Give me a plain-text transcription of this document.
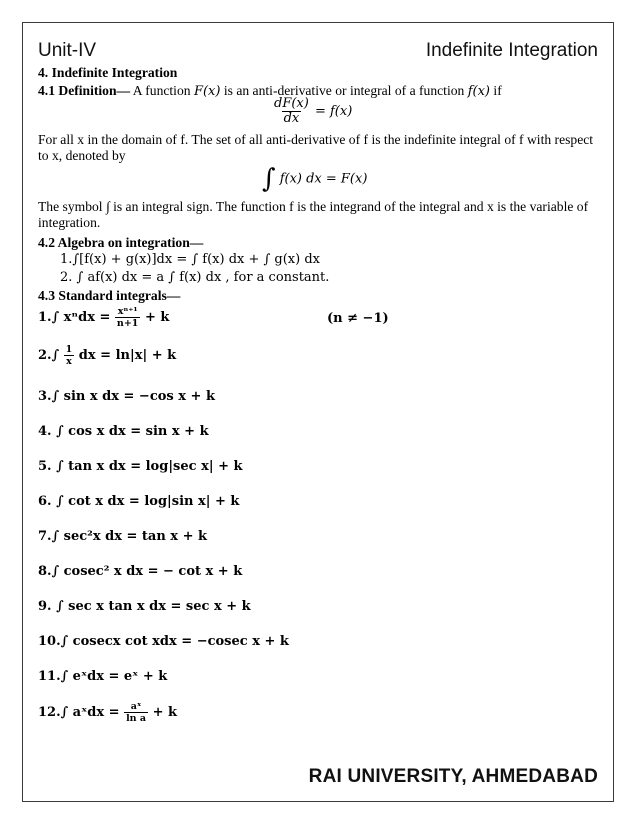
Unit-IV	Indefinite Integration
4. Indefinite Integration
4.1 Definition— A function F(x) is an anti-derivative or integral of a function f(x) if
$\frac{dF(x)}{dx} = f(x)$
For all x in the domain of f. The set of all anti-derivative of f is the indefinite integral of f with respect to x, denoted by
∫ f(x) dx = F(x)
The symbol ∫ is an integral sign. The function f is the integrand of the integral and x is the variable of integration.
4.2 Algebra on integration—
1.∫[f(x) + g(x)]dx = ∫ f(x) dx + ∫ g(x) dx
2. ∫ af(x) dx = a ∫ f(x) dx , for a constant.
4.3 Standard integrals—
1.∫ $x^ndx = \frac{\text{xⁿ⁺¹}}{n+1} + k$	(n ≠ −1)
$2.\int \frac{1}{x}$ dx = ln|x| + k
3.∫ sin x dx = −cos x + k
4. ∫ cos x dx = sin x + k
5. ∫ tan x dx = log|sec x| + k
6. ∫ cot x dx = log|sin x| + k
7.∫ sec²x dx = tan x + k
8.∫ cosec² x dx = − cot x + k
9. ∫ sec x tan x dx = sec x + k
10.∫ cosecx cot xdx = −cosec x + k
11.∫ eˣdx = eˣ + k
12.∫ aˣdx = $\frac{\text{aˣ}}{\text{ln a}} + k$
RAI UNIVERSITY, AHMEDABAD
